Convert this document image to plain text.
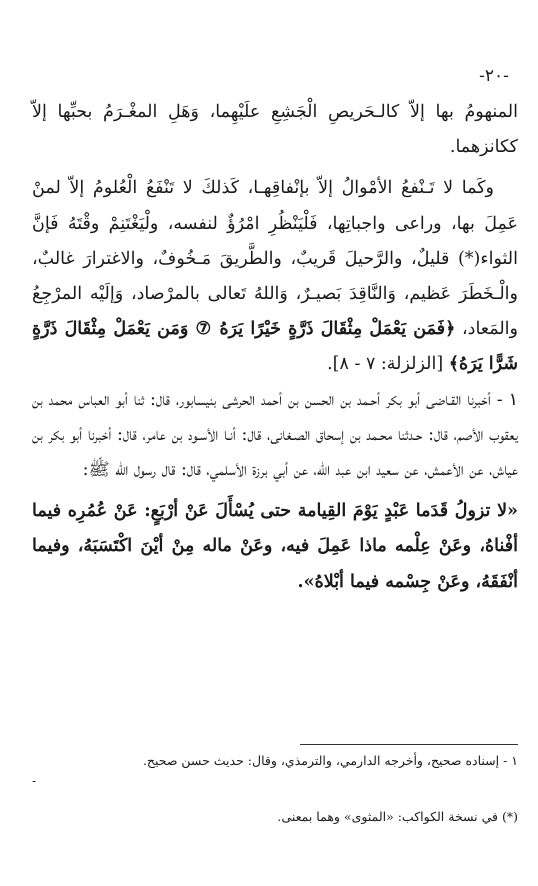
-٢٠-

المنهومُ بها إلاّ كالـحَريصِ الْجَشِعِ علَيْهِما، وَهَلِ المغْـرَمُ بحبِّها إلاّ ككانزهما.

وكَما لا تَـنْفعُ الأمْوالُ إلاّ بإنْفاقِهـا، كَذلكَ لا تَنْفَعُ الْعُلومُ إلاّ لمنْ عَمِلَ بها، وراعى واجباتِها، فَلْيَنْظُرِ امْرُؤٌ لنفسه، ولْيَغْتَنِمْ وقْتَهُ فَإنَّ الثواء(*) قليلٌ، والرَّحيلَ قَريبٌ، والطَّريقَ مَـخُوفٌ، والاغترارَ غالبٌ، والْـخَطَرَ عَظيم، وَالنَّاقِدَ بَصيـرٌ، وَاللهُ تَعالى بالمرْصاد، وَإلَيْه المرْجِعُ والمَعاد، ﴿فَمَن يَعْمَلْ مِثْقَالَ ذَرَّةٍ خَيْرًا يَرَهُ ⑦ وَمَن يَعْمَلْ مِثْقَالَ ذَرَّةٍ شَرًّا يَرَهُ﴾ [الزلزلة: ٧ - ٨].

١ - أخبرنا القـاضى أبو بكر أحـمد بن الحسن بن أحمد الحرشى بنيسابور، قال: ثنا أبو العباس محمد بن يعقوب الأصم، قال: حـدثنا محـمد بن إسحاق الصـغانى، قال: أنـا الأسـود بن عامر، قال: أخبرنا أبو بكر بن عياش، عن الأعمش، عن سعيد ابن عبد الله، عن أبي برزة الأسلمي، قال: قال رسول الله ﷺ:

«لا تزولُ قَدَما عَبْدٍ يَوْمَ القِيامة حتى يُسْأَلَ عَنْ أرْبَعٍ: عَنْ عُمُرِه فيما أفْناهُ، وعَنْ عِلْمه ماذا عَمِلَ فيه، وعَنْ ماله مِنْ أيْنَ اكْتَسَبَهُ، وفيما أنْفَقَهُ، وعَنْ جِسْمه فيما أبْلاهُ».

١ - إسناده صحيح، وأخرجه الدارمي، والترمذي، وقال: حديث حسن صحيح.
-
(*) في نسخة الكواكب: «المثوى» وهما بمعنى.
